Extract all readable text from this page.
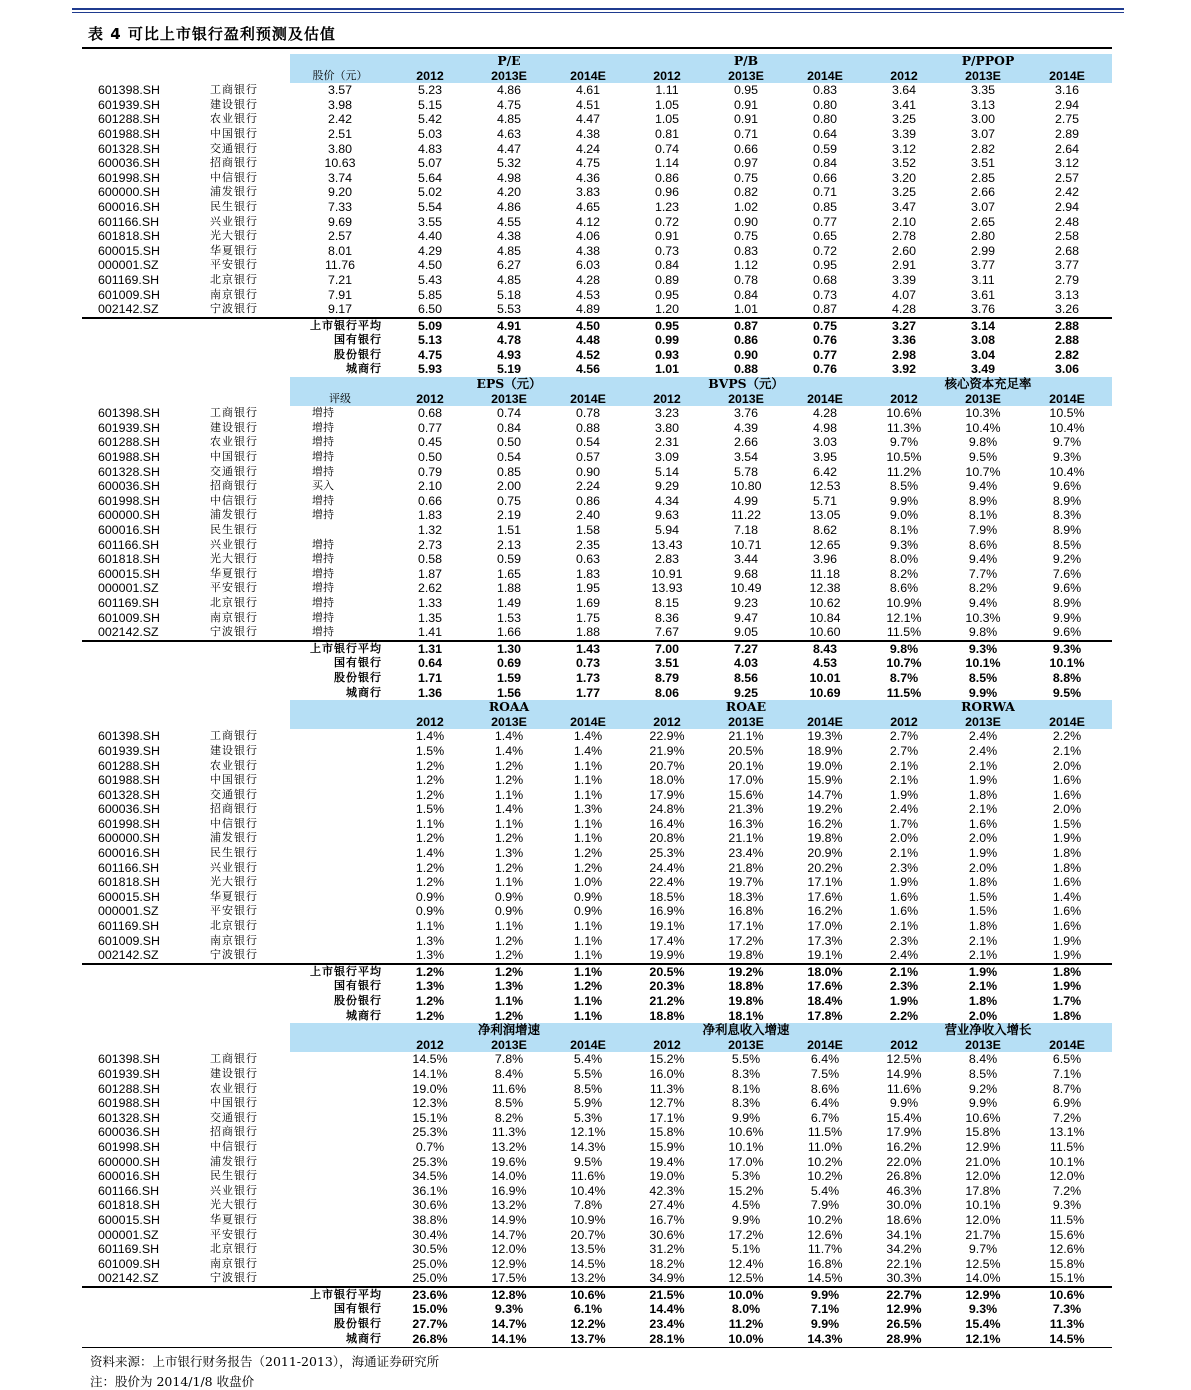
表 4 可比上市银行盈利预测及估值
			P/E			P/B			P/PPOP		
		股价（元）	2012	2013E	2014E	2012	2013E	2014E	2012	2013E	2014E
601398.SH	工商银行	3.57	5.23	4.86	4.61	1.11	0.95	0.83	3.64	3.35	3.16
601939.SH	建设银行	3.98	5.15	4.75	4.51	1.05	0.91	0.80	3.41	3.13	2.94
601288.SH	农业银行	2.42	5.42	4.85	4.47	1.05	0.91	0.80	3.25	3.00	2.75
601988.SH	中国银行	2.51	5.03	4.63	4.38	0.81	0.71	0.64	3.39	3.07	2.89
601328.SH	交通银行	3.80	4.83	4.47	4.24	0.74	0.66	0.59	3.12	2.82	2.64
600036.SH	招商银行	10.63	5.07	5.32	4.75	1.14	0.97	0.84	3.52	3.51	3.12
601998.SH	中信银行	3.74	5.64	4.98	4.36	0.86	0.75	0.66	3.20	2.85	2.57
600000.SH	浦发银行	9.20	5.02	4.20	3.83	0.96	0.82	0.71	3.25	2.66	2.42
600016.SH	民生银行	7.33	5.54	4.86	4.65	1.23	1.02	0.85	3.47	3.07	2.94
601166.SH	兴业银行	9.69	3.55	4.55	4.12	0.72	0.90	0.77	2.10	2.65	2.48
601818.SH	光大银行	2.57	4.40	4.38	4.06	0.91	0.75	0.65	2.78	2.80	2.58
600015.SH	华夏银行	8.01	4.29	4.85	4.38	0.73	0.83	0.72	2.60	2.99	2.68
000001.SZ	平安银行	11.76	4.50	6.27	6.03	0.84	1.12	0.95	2.91	3.77	3.77
601169.SH	北京银行	7.21	5.43	4.85	4.28	0.89	0.78	0.68	3.39	3.11	2.79
601009.SH	南京银行	7.91	5.85	5.18	4.53	0.95	0.84	0.73	4.07	3.61	3.13
002142.SZ	宁波银行	9.17	6.50	5.53	4.89	1.20	1.01	0.87	4.28	3.76	3.26
上市银行平均			5.09	4.91	4.50	0.95	0.87	0.75	3.27	3.14	2.88
国有银行			5.13	4.78	4.48	0.99	0.86	0.76	3.36	3.08	2.88
股份银行			4.75	4.93	4.52	0.93	0.90	0.77	2.98	3.04	2.82
城商行			5.93	5.19	4.56	1.01	0.88	0.76	3.92	3.49	3.06
			EPS（元）			BVPS（元）			核心资本充足率		
		评级	2012	2013E	2014E	2012	2013E	2014E	2012	2013E	2014E
601398.SH	工商银行	增持	0.68	0.74	0.78	3.23	3.76	4.28	10.6%	10.3%	10.5%
601939.SH	建设银行	增持	0.77	0.84	0.88	3.80	4.39	4.98	11.3%	10.4%	10.4%
601288.SH	农业银行	增持	0.45	0.50	0.54	2.31	2.66	3.03	9.7%	9.8%	9.7%
601988.SH	中国银行	增持	0.50	0.54	0.57	3.09	3.54	3.95	10.5%	9.5%	9.3%
601328.SH	交通银行	增持	0.79	0.85	0.90	5.14	5.78	6.42	11.2%	10.7%	10.4%
600036.SH	招商银行	买入	2.10	2.00	2.24	9.29	10.80	12.53	8.5%	9.4%	9.6%
601998.SH	中信银行	增持	0.66	0.75	0.86	4.34	4.99	5.71	9.9%	8.9%	8.9%
600000.SH	浦发银行	增持	1.83	2.19	2.40	9.63	11.22	13.05	9.0%	8.1%	8.3%
600016.SH	民生银行		1.32	1.51	1.58	5.94	7.18	8.62	8.1%	7.9%	8.9%
601166.SH	兴业银行	增持	2.73	2.13	2.35	13.43	10.71	12.65	9.3%	8.6%	8.5%
601818.SH	光大银行	增持	0.58	0.59	0.63	2.83	3.44	3.96	8.0%	9.4%	9.2%
600015.SH	华夏银行	增持	1.87	1.65	1.83	10.91	9.68	11.18	8.2%	7.7%	7.6%
000001.SZ	平安银行	增持	2.62	1.88	1.95	13.93	10.49	12.38	8.6%	8.2%	9.6%
601169.SH	北京银行	增持	1.33	1.49	1.69	8.15	9.23	10.62	10.9%	9.4%	8.9%
601009.SH	南京银行	增持	1.35	1.53	1.75	8.36	9.47	10.84	12.1%	10.3%	9.9%
002142.SZ	宁波银行	增持	1.41	1.66	1.88	7.67	9.05	10.60	11.5%	9.8%	9.6%
上市银行平均			1.31	1.30	1.43	7.00	7.27	8.43	9.8%	9.3%	9.3%
国有银行			0.64	0.69	0.73	3.51	4.03	4.53	10.7%	10.1%	10.1%
股份银行			1.71	1.59	1.73	8.79	8.56	10.01	8.7%	8.5%	8.8%
城商行			1.36	1.56	1.77	8.06	9.25	10.69	11.5%	9.9%	9.5%
			ROAA			ROAE			RORWA		
			2012	2013E	2014E	2012	2013E	2014E	2012	2013E	2014E
601398.SH	工商银行		1.4%	1.4%	1.4%	22.9%	21.1%	19.3%	2.7%	2.4%	2.2%
601939.SH	建设银行		1.5%	1.4%	1.4%	21.9%	20.5%	18.9%	2.7%	2.4%	2.1%
601288.SH	农业银行		1.2%	1.2%	1.1%	20.7%	20.1%	19.0%	2.1%	2.1%	2.0%
601988.SH	中国银行		1.2%	1.2%	1.1%	18.0%	17.0%	15.9%	2.1%	1.9%	1.6%
601328.SH	交通银行		1.2%	1.1%	1.1%	17.9%	15.6%	14.7%	1.9%	1.8%	1.6%
600036.SH	招商银行		1.5%	1.4%	1.3%	24.8%	21.3%	19.2%	2.4%	2.1%	2.0%
601998.SH	中信银行		1.1%	1.1%	1.1%	16.4%	16.3%	16.2%	1.7%	1.6%	1.5%
600000.SH	浦发银行		1.2%	1.2%	1.1%	20.8%	21.1%	19.8%	2.0%	2.0%	1.9%
600016.SH	民生银行		1.4%	1.3%	1.2%	25.3%	23.4%	20.9%	2.1%	1.9%	1.8%
601166.SH	兴业银行		1.2%	1.2%	1.2%	24.4%	21.8%	20.2%	2.3%	2.0%	1.8%
601818.SH	光大银行		1.2%	1.1%	1.0%	22.4%	19.7%	17.1%	1.9%	1.8%	1.6%
600015.SH	华夏银行		0.9%	0.9%	0.9%	18.5%	18.3%	17.6%	1.6%	1.5%	1.4%
000001.SZ	平安银行		0.9%	0.9%	0.9%	16.9%	16.8%	16.2%	1.6%	1.5%	1.6%
601169.SH	北京银行		1.1%	1.1%	1.1%	19.1%	17.1%	17.0%	2.1%	1.8%	1.6%
601009.SH	南京银行		1.3%	1.2%	1.1%	17.4%	17.2%	17.3%	2.3%	2.1%	1.9%
002142.SZ	宁波银行		1.3%	1.2%	1.1%	19.9%	19.8%	19.1%	2.4%	2.1%	1.9%
上市银行平均			1.2%	1.2%	1.1%	20.5%	19.2%	18.0%	2.1%	1.9%	1.8%
国有银行			1.3%	1.3%	1.2%	20.3%	18.8%	17.6%	2.3%	2.1%	1.9%
股份银行			1.2%	1.1%	1.1%	21.2%	19.8%	18.4%	1.9%	1.8%	1.7%
城商行			1.2%	1.2%	1.1%	18.8%	18.1%	17.8%	2.2%	2.0%	1.8%
			净利润增速			净利息收入增速			营业净收入增长		
			2012	2013E	2014E	2012	2013E	2014E	2012	2013E	2014E
601398.SH	工商银行		14.5%	7.8%	5.4%	15.2%	5.5%	6.4%	12.5%	8.4%	6.5%
601939.SH	建设银行		14.1%	8.4%	5.5%	16.0%	8.3%	7.5%	14.9%	8.5%	7.1%
601288.SH	农业银行		19.0%	11.6%	8.5%	11.3%	8.1%	8.6%	11.6%	9.2%	8.7%
601988.SH	中国银行		12.3%	8.5%	5.9%	12.7%	8.3%	6.4%	9.9%	9.9%	6.9%
601328.SH	交通银行		15.1%	8.2%	5.3%	17.1%	9.9%	6.7%	15.4%	10.6%	7.2%
600036.SH	招商银行		25.3%	11.3%	12.1%	15.8%	10.6%	11.5%	17.9%	15.8%	13.1%
601998.SH	中信银行		0.7%	13.2%	14.3%	15.9%	10.1%	11.0%	16.2%	12.9%	11.5%
600000.SH	浦发银行		25.3%	19.6%	9.5%	19.4%	17.0%	10.2%	22.0%	21.0%	10.1%
600016.SH	民生银行		34.5%	14.0%	11.6%	19.0%	5.3%	10.2%	26.8%	12.0%	12.0%
601166.SH	兴业银行		36.1%	16.9%	10.4%	42.3%	15.2%	5.4%	46.3%	17.8%	7.2%
601818.SH	光大银行		30.6%	13.2%	7.8%	27.4%	4.5%	7.9%	30.0%	10.1%	9.3%
600015.SH	华夏银行		38.8%	14.9%	10.9%	16.7%	9.9%	10.2%	18.6%	12.0%	11.5%
000001.SZ	平安银行		30.4%	14.7%	20.7%	30.6%	17.2%	12.6%	34.1%	21.7%	15.6%
601169.SH	北京银行		30.5%	12.0%	13.5%	31.2%	5.1%	11.7%	34.2%	9.7%	12.6%
601009.SH	南京银行		25.0%	12.9%	14.5%	18.2%	12.4%	16.8%	22.1%	12.5%	15.8%
002142.SZ	宁波银行		25.0%	17.5%	13.2%	34.9%	12.5%	14.5%	30.3%	14.0%	15.1%
上市银行平均			23.6%	12.8%	10.6%	21.5%	10.0%	9.9%	22.7%	12.9%	10.6%
国有银行			15.0%	9.3%	6.1%	14.4%	8.0%	7.1%	12.9%	9.3%	7.3%
股份银行			27.7%	14.7%	12.2%	23.4%	11.2%	9.9%	26.5%	15.4%	11.3%
城商行			26.8%	14.1%	13.7%	28.1%	10.0%	14.3%	28.9%	12.1%	14.5%
资料来源：上市银行财务报告（2011-2013），海通证券研究所
注：股价为 2014/1/8 收盘价
